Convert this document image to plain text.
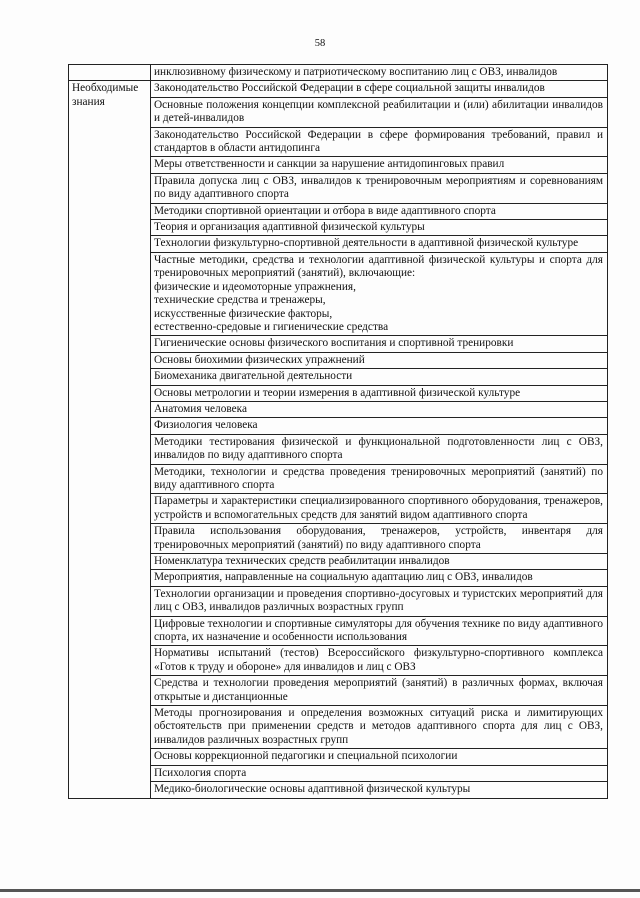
58
	инклюзивному физическому и патриотическому воспитанию лиц с ОВЗ, инвалидов
Необходимые знания	Законодательство Российской Федерации в сфере социальной защиты инвалидов
	Основные положения концепции комплексной реабилитации и (или) абилитации инвалидов и детей-инвалидов
	Законодательство Российской Федерации в сфере формирования требований, правил и стандартов в области антидопинга
	Меры ответственности и санкции за нарушение антидопинговых правил
	Правила допуска лиц с ОВЗ, инвалидов к тренировочным мероприятиям и соревнованиям по виду адаптивного спорта
	Методики спортивной ориентации и отбора в виде адаптивного спорта
	Теория и организация адаптивной физической культуры
	Технологии физкультурно-спортивной деятельности в адаптивной физической культуре
	Частные методики, средства и технологии адаптивной физической культуры и спорта для тренировочных мероприятий (занятий), включающие:
физические и идеомоторные упражнения,
технические средства и тренажеры,
искусственные физические факторы,
естественно-средовые и гигиенические средства
	Гигиенические основы физического воспитания и спортивной тренировки
	Основы биохимии физических упражнений
	Биомеханика двигательной деятельности
	Основы метрологии и теории измерения в адаптивной физической культуре
	Анатомия человека
	Физиология человека
	Методики тестирования физической и функциональной подготовленности лиц с ОВЗ, инвалидов по виду адаптивного спорта
	Методики, технологии и средства проведения тренировочных мероприятий (занятий) по виду адаптивного спорта
	Параметры и характеристики специализированного спортивного оборудования, тренажеров, устройств и вспомогательных средств для занятий видом адаптивного спорта
	Правила использования оборудования, тренажеров, устройств, инвентаря для тренировочных мероприятий (занятий) по виду адаптивного спорта
	Номенклатура технических средств реабилитации инвалидов
	Мероприятия, направленные на социальную адаптацию лиц с ОВЗ, инвалидов
	Технологии организации и проведения спортивно-досуговых и туристских мероприятий для лиц с ОВЗ, инвалидов различных возрастных групп
	Цифровые технологии и спортивные симуляторы для обучения технике по виду адаптивного спорта, их назначение и особенности использования
	Нормативы испытаний (тестов) Всероссийского физкультурно-спортивного комплекса «Готов к труду и обороне» для инвалидов и лиц с ОВЗ
	Средства и технологии проведения мероприятий (занятий) в различных формах, включая открытые и дистанционные
	Методы прогнозирования и определения возможных ситуаций риска и лимитирующих обстоятельств при применении средств и методов адаптивного спорта для лиц с ОВЗ, инвалидов различных возрастных групп
	Основы коррекционной педагогики и специальной психологии
	Психология спорта
	Медико-биологические основы адаптивной физической культуры
